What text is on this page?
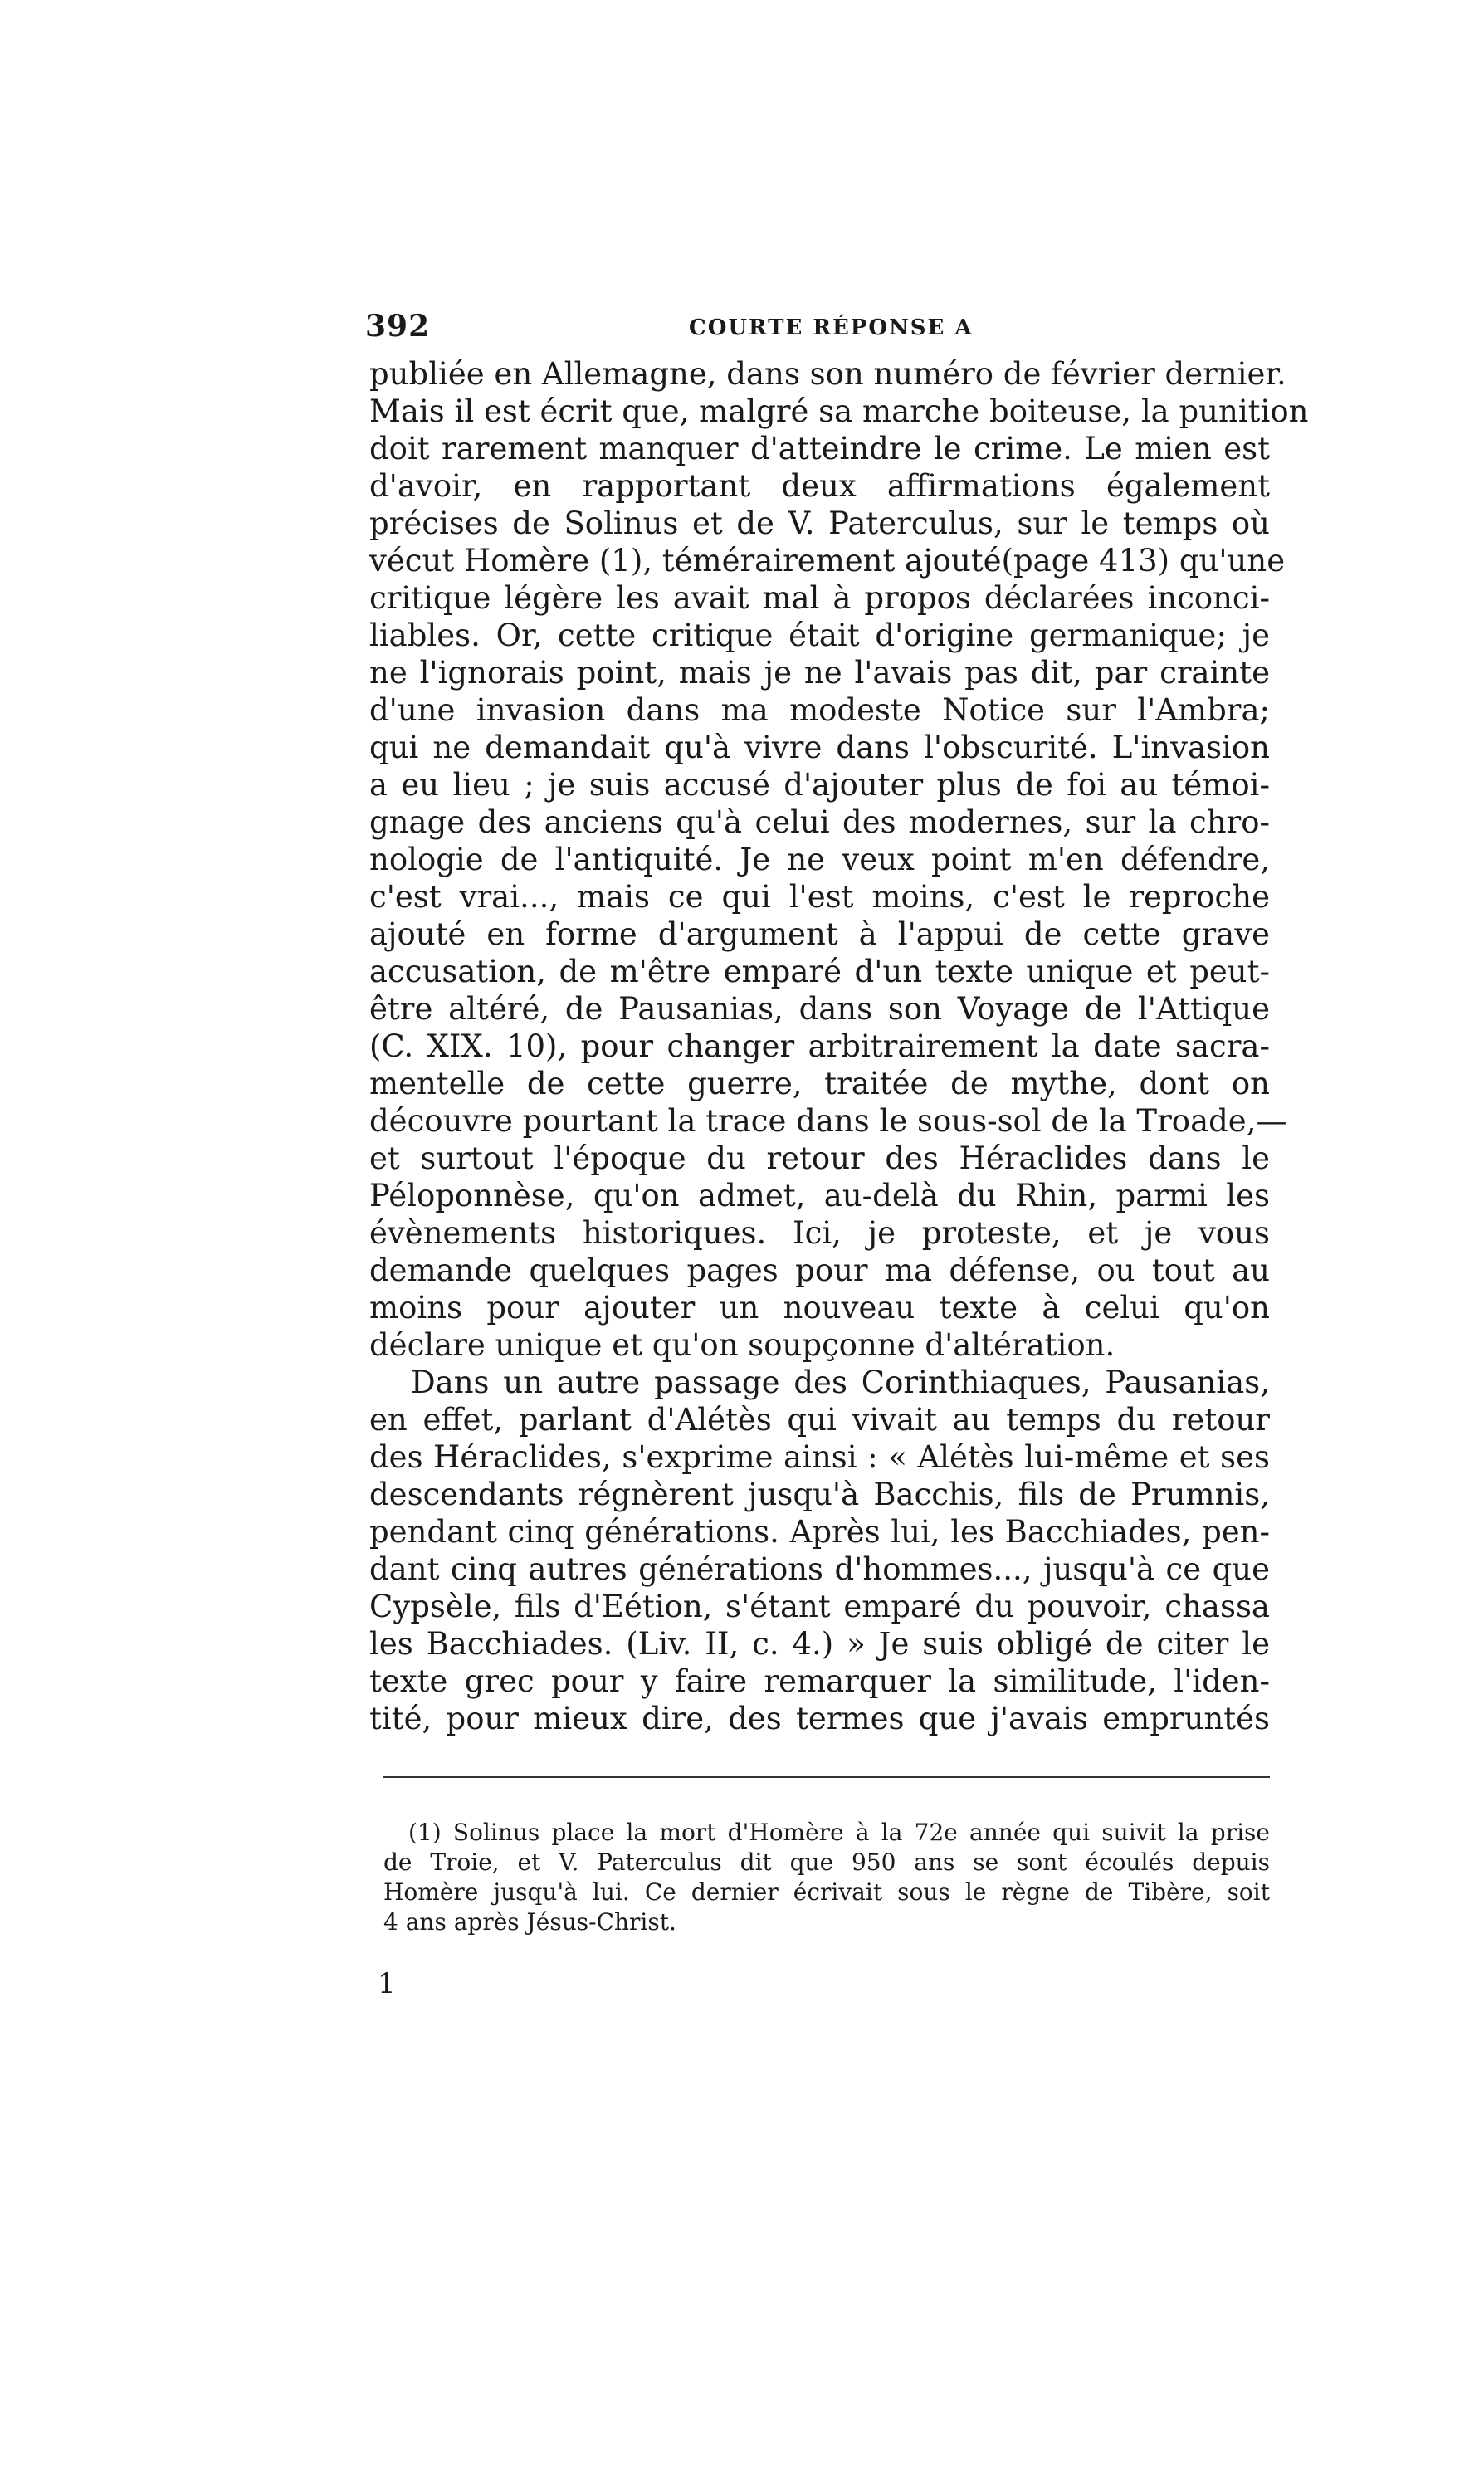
392	COURTE RÉPONSE A
publiée en Allemagne, dans son numéro de février dernier.
Mais il est écrit que, malgré sa marche boiteuse, la punition
doit rarement manquer d'atteindre le crime. Le mien est
d'avoir, en rapportant deux affirmations également
précises de Solinus et de V. Paterculus, sur le temps où
vécut Homère (1), témérairement ajouté(page 413) qu'une
critique légère les avait mal à propos déclarées inconci-
liables. Or, cette critique était d'origine germanique; je
ne l'ignorais point, mais je ne l'avais pas dit, par crainte
d'une invasion dans ma modeste Notice sur l'Ambra;
qui ne demandait qu'à vivre dans l'obscurité. L'invasion
a eu lieu ; je suis accusé d'ajouter plus de foi au témoi-
gnage des anciens qu'à celui des modernes, sur la chro-
nologie de l'antiquité. Je ne veux point m'en défendre,
c'est vrai..., mais ce qui l'est moins, c'est le reproche
ajouté en forme d'argument à l'appui de cette grave
accusation, de m'être emparé d'un texte unique et peut-
être altéré, de Pausanias, dans son Voyage de l'Attique
(C. XIX. 10), pour changer arbitrairement la date sacra-
mentelle de cette guerre, traitée de mythe, dont on
découvre pourtant la trace dans le sous-sol de la Troade,—
et surtout l'époque du retour des Héraclides dans le
Péloponnèse, qu'on admet, au-delà du Rhin, parmi les
évènements historiques. Ici, je proteste, et je vous
demande quelques pages pour ma défense, ou tout au
moins pour ajouter un nouveau texte à celui qu'on
déclare unique et qu'on soupçonne d'altération.
Dans un autre passage des Corinthiaques, Pausanias,
en effet, parlant d'Alétès qui vivait au temps du retour
des Héraclides, s'exprime ainsi : « Alétès lui-même et ses
descendants régnèrent jusqu'à Bacchis, fils de Prumnis,
pendant cinq générations. Après lui, les Bacchiades, pen-
dant cinq autres générations d'hommes..., jusqu'à ce que
Cypsèle, fils d'Eétion, s'étant emparé du pouvoir, chassa
les Bacchiades. (Liv. II, c. 4.) » Je suis obligé de citer le
texte grec pour y faire remarquer la similitude, l'iden-
tité, pour mieux dire, des termes que j'avais empruntés
(1) Solinus place la mort d'Homère à la 72e année qui suivit la prise
de Troie, et V. Paterculus dit que 950 ans se sont écoulés depuis
Homère jusqu'à lui. Ce dernier écrivait sous le règne de Tibère, soit
4 ans après Jésus-Christ.
1
